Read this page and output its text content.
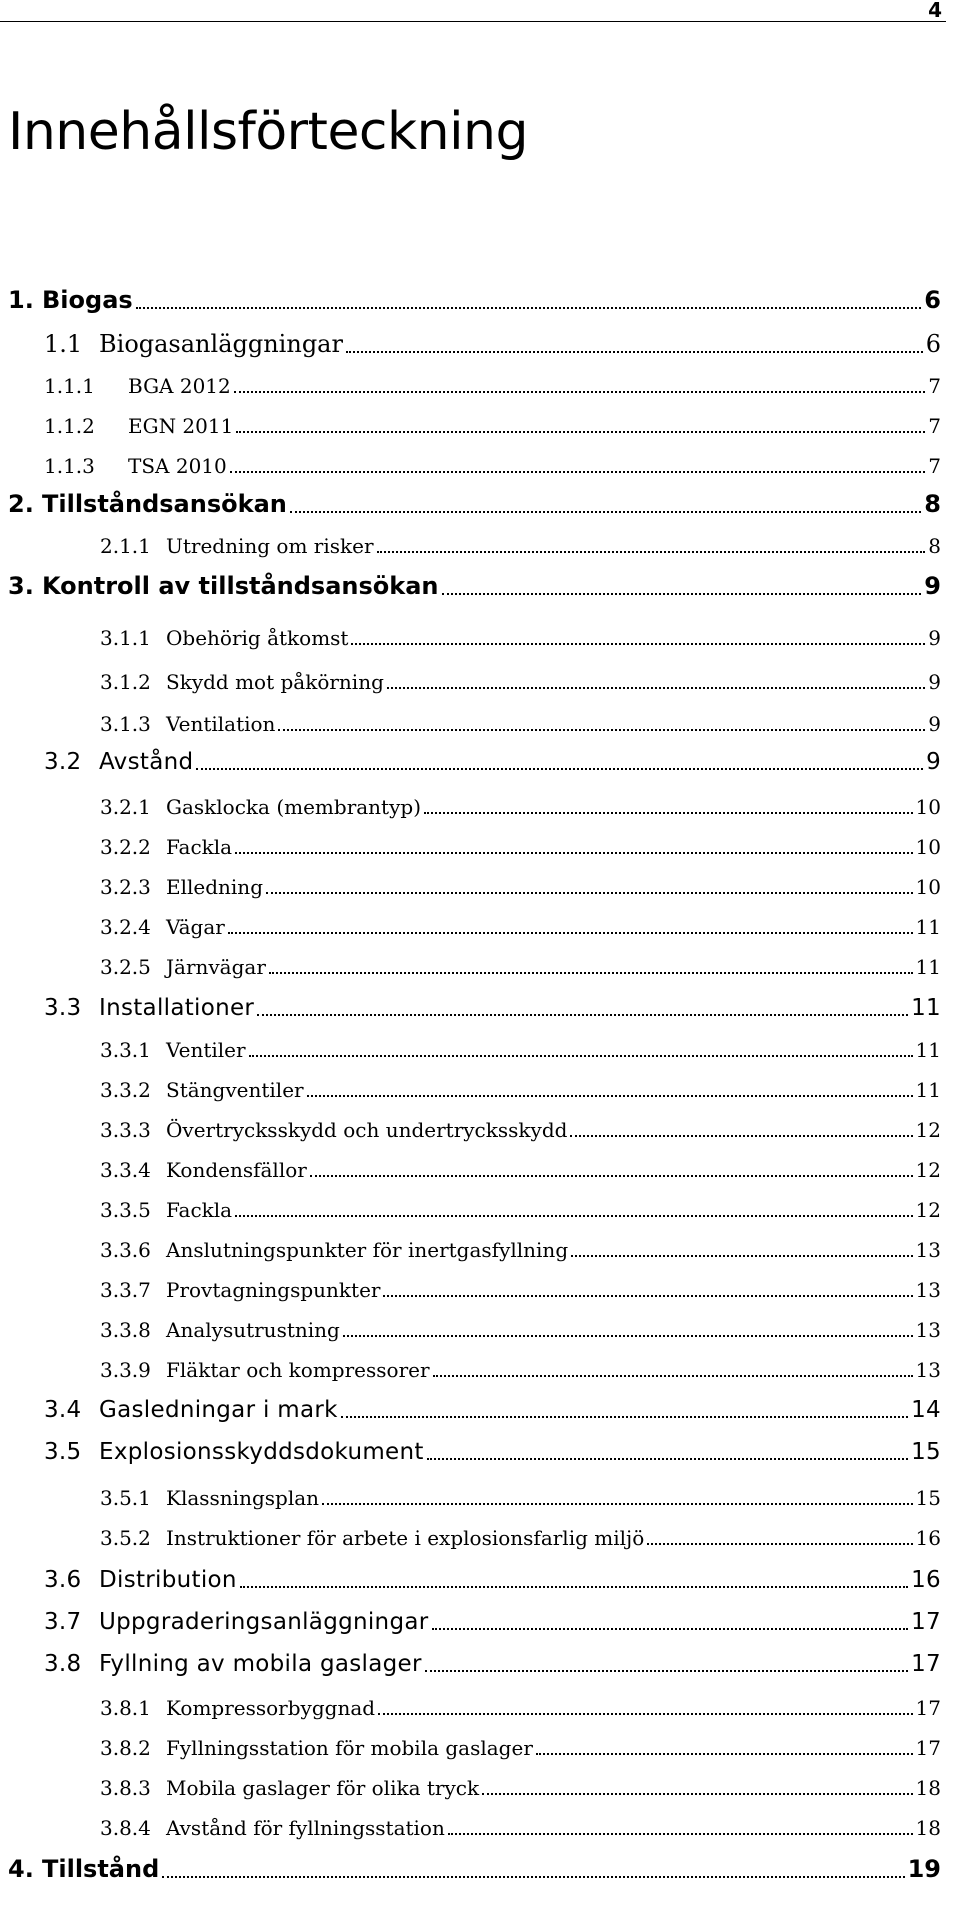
4
Innehållsförteckning
1. Biogas	6
1.1 Biogasanläggningar	6
1.1.1	BGA 2012	7
1.1.2	EGN 2011	7
1.1.3	TSA 2010	7
2. Tillståndsansökan	8
2.1.1 Utredning om risker	8
3. Kontroll av tillståndsansökan	9
3.1.1 Obehörig åtkomst	9
3.1.2 Skydd mot påkörning	9
3.1.3 Ventilation	9
3.2 Avstånd	9
3.2.1 Gasklocka (membrantyp)	10
3.2.2 Fackla	10
3.2.3 Elledning	10
3.2.4 Vägar	11
3.2.5 Järnvägar	11
3.3 Installationer	11
3.3.1 Ventiler	11
3.3.2 Stängventiler	11
3.3.3 Övertrycksskydd och undertrycksskydd	12
3.3.4 Kondensfällor	12
3.3.5 Fackla	12
3.3.6 Anslutningspunkter för inertgasfyllning	13
3.3.7 Provtagningspunkter	13
3.3.8 Analysutrustning	13
3.3.9 Fläktar och kompressorer	13
3.4 Gasledningar i mark	14
3.5 Explosionsskyddsdokument	15
3.5.1 Klassningsplan	15
3.5.2 Instruktioner för arbete i explosionsfarlig miljö	16
3.6 Distribution	16
3.7 Uppgraderingsanläggningar	17
3.8 Fyllning av mobila gaslager	17
3.8.1 Kompressorbyggnad	17
3.8.2 Fyllningsstation för mobila gaslager	17
3.8.3 Mobila gaslager för olika tryck	18
3.8.4 Avstånd för fyllningsstation	18
4. Tillstånd	19
